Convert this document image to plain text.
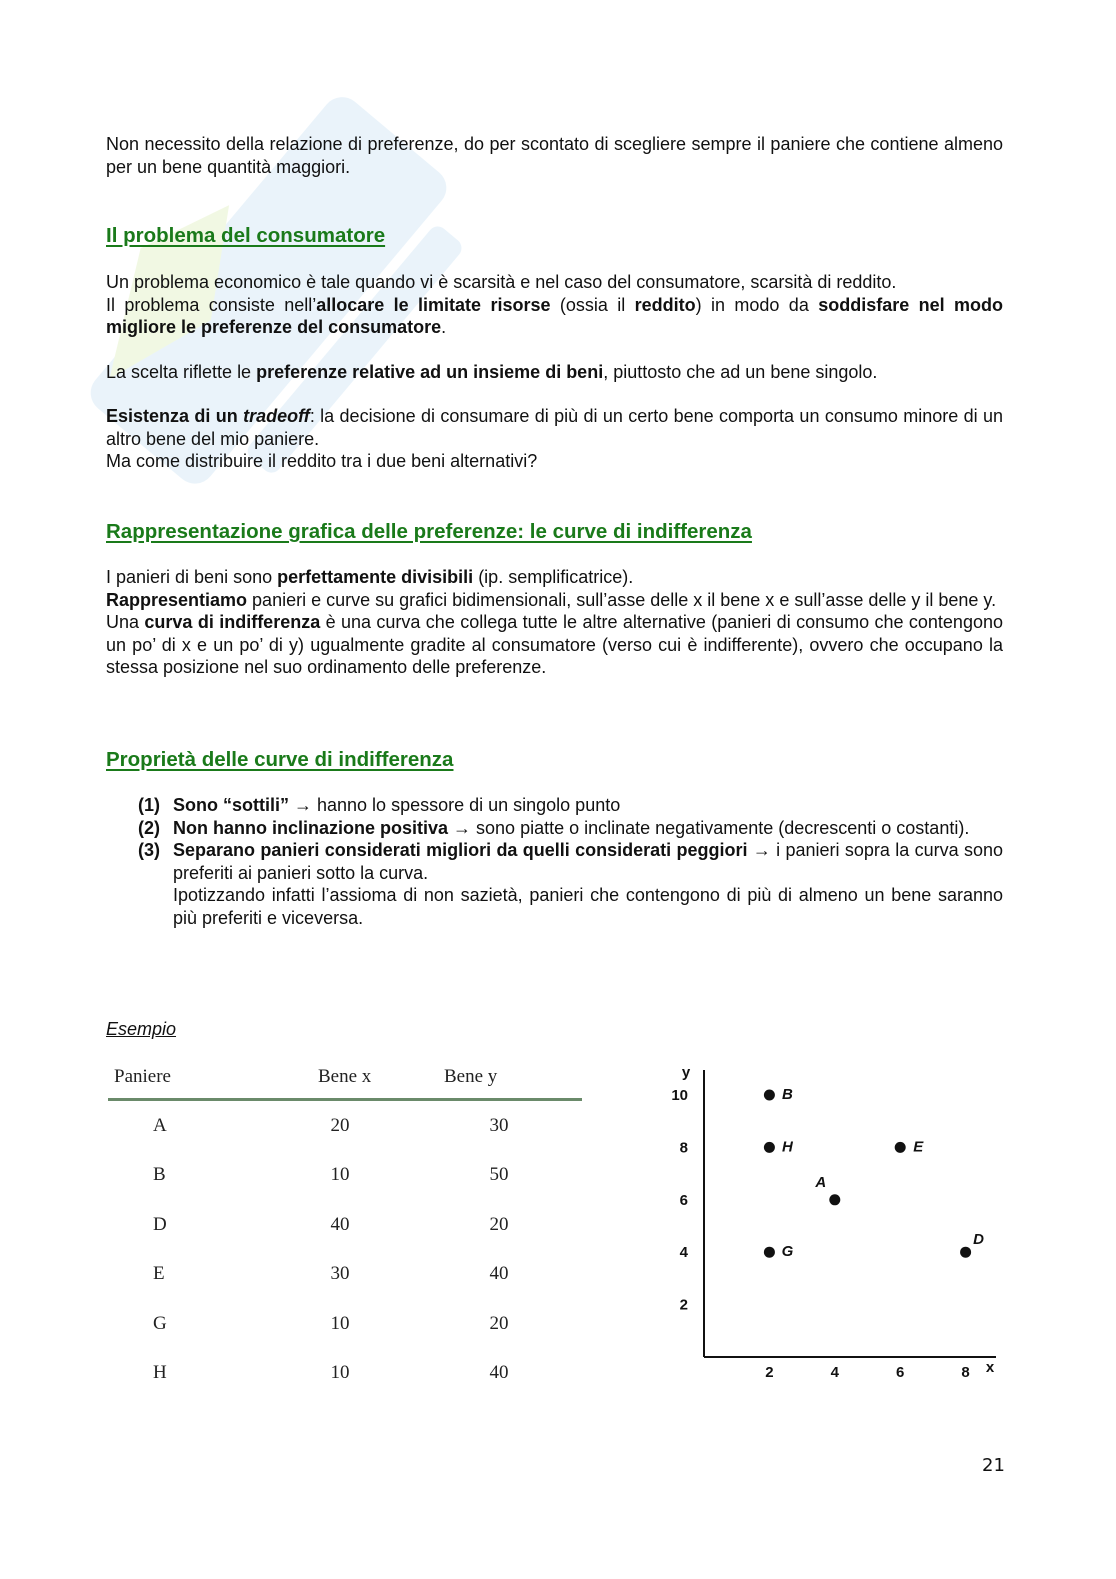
Non necessito della relazione di preferenze, do per scontato di scegliere sempre il paniere che contiene almeno per un bene quantità maggiori.
Il problema del consumatore
Un problema economico è tale quando vi è scarsità e nel caso del consumatore, scarsità di reddito.
Il problema consiste nell’allocare le limitate risorse (ossia il reddito) in modo da soddisfare nel modo migliore le preferenze del consumatore.
La scelta riflette le preferenze relative ad un insieme di beni, piuttosto che ad un bene singolo.
Esistenza di un tradeoff: la decisione di consumare di più di un certo bene comporta un consumo minore di un altro bene del mio paniere.
Ma come distribuire il reddito tra i due beni alternativi?
Rappresentazione grafica delle preferenze: le curve di indifferenza
I panieri di beni sono perfettamente divisibili (ip. semplificatrice).
Rappresentiamo panieri e curve su grafici bidimensionali, sull’asse delle x il bene x e sull’asse delle y il bene y.
Una curva di indifferenza è una curva che collega tutte le altre alternative (panieri di consumo che contengono un po’ di x e un po’ di y) ugualmente gradite al consumatore (verso cui è indifferente), ovvero che occupano la stessa posizione nel suo ordinamento delle preferenze.
Proprietà delle curve di indifferenza
(1) Sono “sottili” → hanno lo spessore di un singolo punto
(2) Non hanno inclinazione positiva → sono piatte o inclinate negativamente (decrescenti o costanti).
(3) Separano panieri considerati migliori da quelli considerati peggiori → i panieri sopra la curva sono preferiti ai panieri sotto la curva.
Ipotizzando infatti l’assioma di non sazietà, panieri che contengono di più di almeno un bene saranno più preferiti e viceversa.
Esempio
Paniere	Bene x	Bene y
A	20	30
B	10	50
D	40	20
E	30	40
G	10	20
H	10	40
y
x
2	4	6	8
2
4
6
8
10	B
H	E
A
G
D
21
